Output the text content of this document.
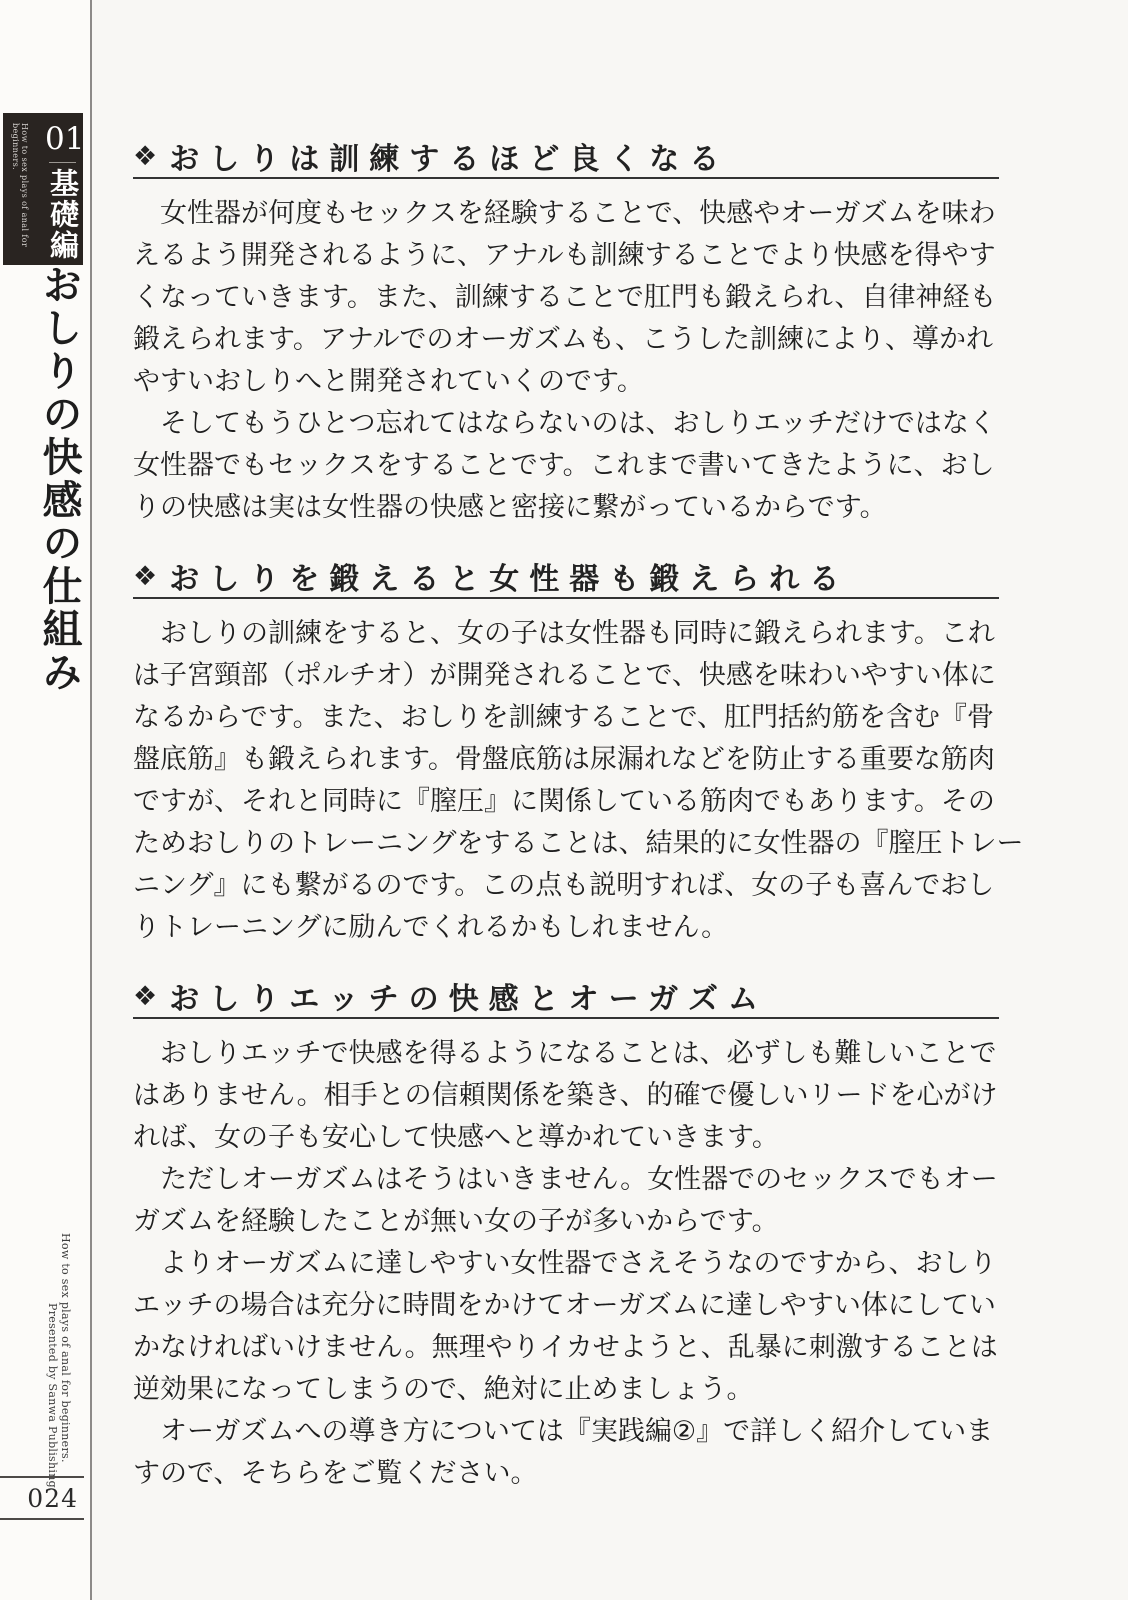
How to sex plays of anal for beginners. 01
基礎編
おしりの快感の仕組み
How to sex plays of anal for beginners.
Presented by Sanwa Publishing.
024
❖ おしりは訓練するほど良くなる
　女性器が何度もセックスを経験することで、快感やオーガズムを味わ
えるよう開発されるように、アナルも訓練することでより快感を得やす
くなっていきます。また、訓練することで肛門も鍛えられ、自律神経も
鍛えられます。アナルでのオーガズムも、こうした訓練により、導かれ
やすいおしりへと開発されていくのです。
　そしてもうひとつ忘れてはならないのは、おしりエッチだけではなく
女性器でもセックスをすることです。これまで書いてきたように、おし
りの快感は実は女性器の快感と密接に繋がっているからです。
❖ おしりを鍛えると女性器も鍛えられる
　おしりの訓練をすると、女の子は女性器も同時に鍛えられます。これ
は子宮頸部（ポルチオ）が開発されることで、快感を味わいやすい体に
なるからです。また、おしりを訓練することで、肛門括約筋を含む『骨
盤底筋』も鍛えられます。骨盤底筋は尿漏れなどを防止する重要な筋肉
ですが、それと同時に『膣圧』に関係している筋肉でもあります。その
ためおしりのトレーニングをすることは、結果的に女性器の『膣圧トレー
ニング』にも繋がるのです。この点も説明すれば、女の子も喜んでおし
りトレーニングに励んでくれるかもしれません。
❖ おしりエッチの快感とオーガズム
　おしりエッチで快感を得るようになることは、必ずしも難しいことで
はありません。相手との信頼関係を築き、的確で優しいリードを心がけ
れば、女の子も安心して快感へと導かれていきます。
　ただしオーガズムはそうはいきません。女性器でのセックスでもオー
ガズムを経験したことが無い女の子が多いからです。
　よりオーガズムに達しやすい女性器でさえそうなのですから、おしり
エッチの場合は充分に時間をかけてオーガズムに達しやすい体にしてい
かなければいけません。無理やりイカせようと、乱暴に刺激することは
逆効果になってしまうので、絶対に止めましょう。
　オーガズムへの導き方については『実践編②』で詳しく紹介していま
すので、そちらをご覧ください。
